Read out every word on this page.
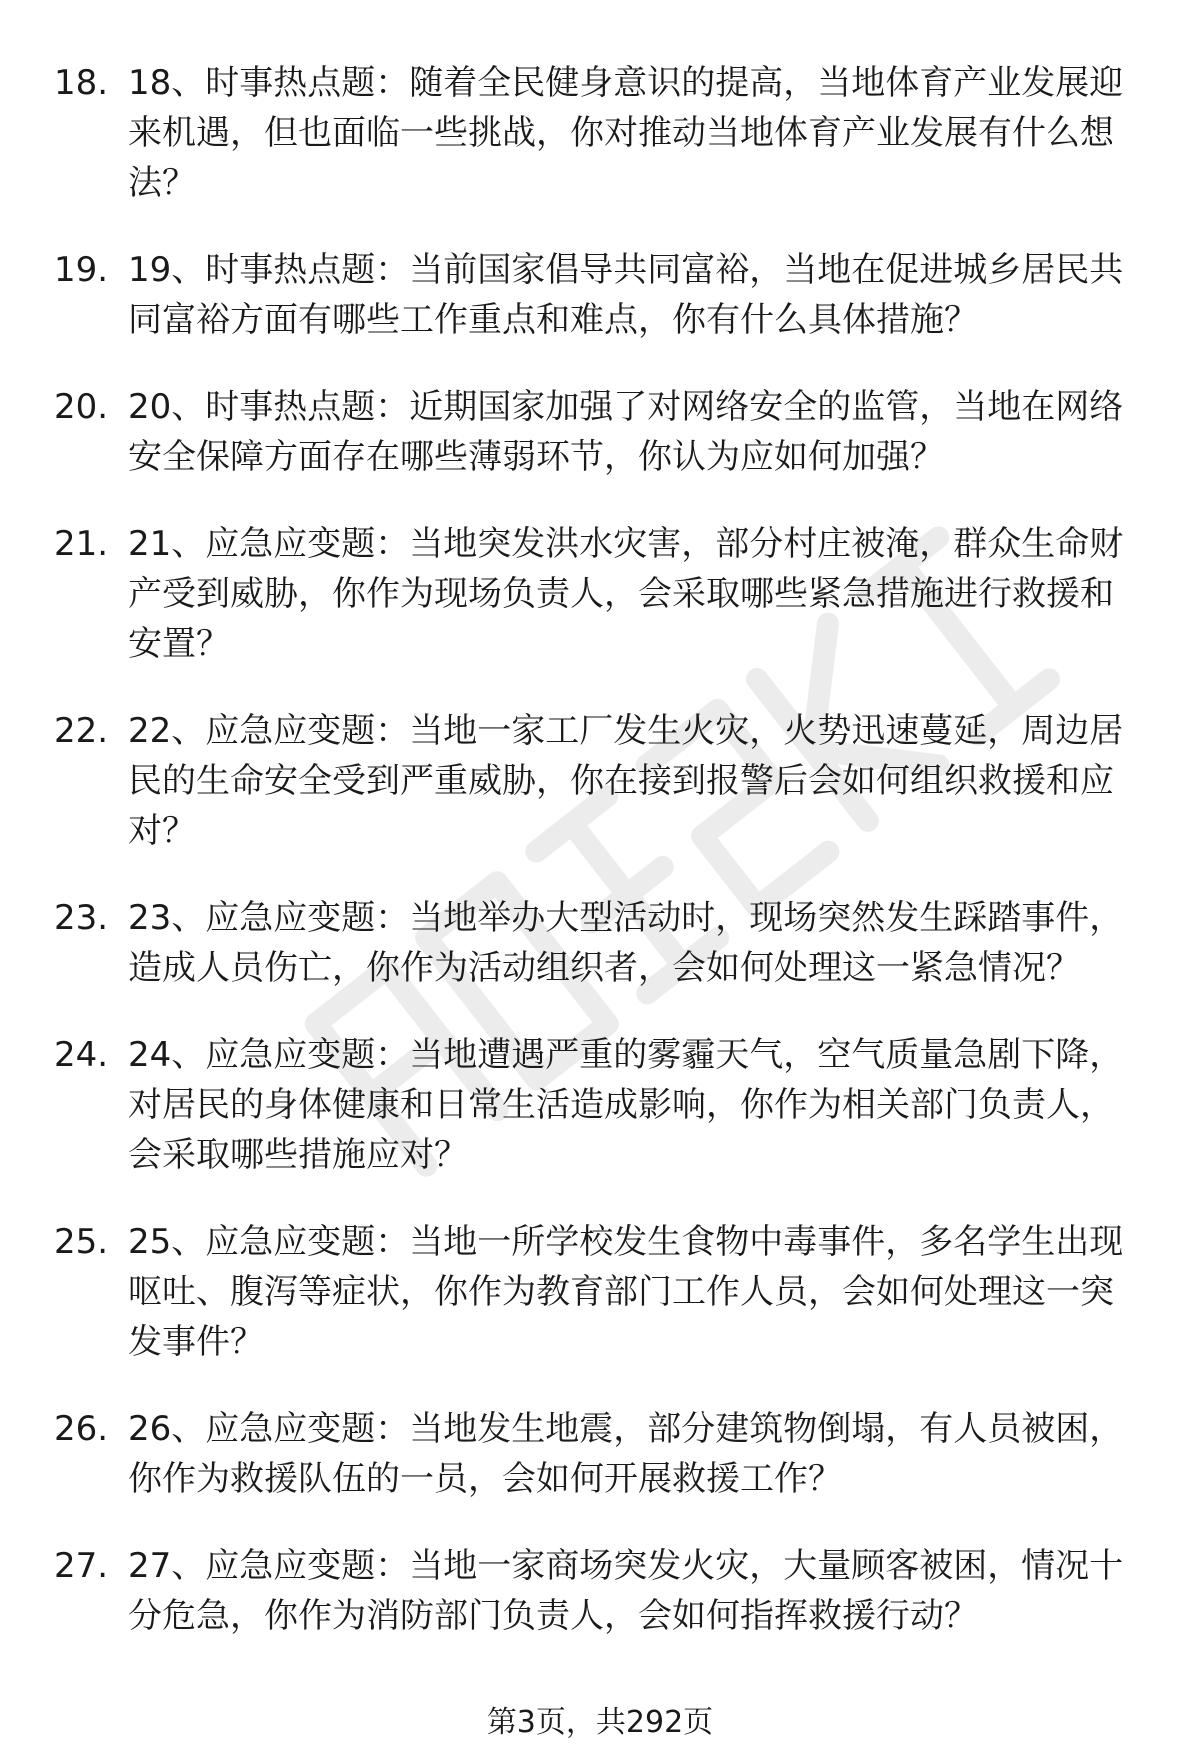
18. 18、时事热点题：随着全民健身意识的提高，当地体育产业发展迎来机遇，但也面临一些挑战，你对推动当地体育产业发展有什么想法？
19. 19、时事热点题：当前国家倡导共同富裕，当地在促进城乡居民共同富裕方面有哪些工作重点和难点，你有什么具体措施？
20. 20、时事热点题：近期国家加强了对网络安全的监管，当地在网络安全保障方面存在哪些薄弱环节，你认为应如何加强？
21. 21、应急应变题：当地突发洪水灾害，部分村庄被淹，群众生命财产受到威胁，你作为现场负责人，会采取哪些紧急措施进行救援和安置？
22. 22、应急应变题：当地一家工厂发生火灾，火势迅速蔓延，周边居民的生命安全受到严重威胁，你在接到报警后会如何组织救援和应对？
23. 23、应急应变题：当地举办大型活动时，现场突然发生踩踏事件，造成人员伤亡，你作为活动组织者，会如何处理这一紧急情况？
24. 24、应急应变题：当地遭遇严重的雾霾天气，空气质量急剧下降，对居民的身体健康和日常生活造成影响，你作为相关部门负责人，会采取哪些措施应对？
25. 25、应急应变题：当地一所学校发生食物中毒事件，多名学生出现呕吐、腹泻等症状，你作为教育部门工作人员，会如何处理这一突发事件？
26. 26、应急应变题：当地发生地震，部分建筑物倒塌，有人员被困，你作为救援队伍的一员，会如何开展救援工作？
27. 27、应急应变题：当地一家商场突发火灾，大量顾客被困，情况十分危急，你作为消防部门负责人，会如何指挥救援行动？
第3页，共292页
